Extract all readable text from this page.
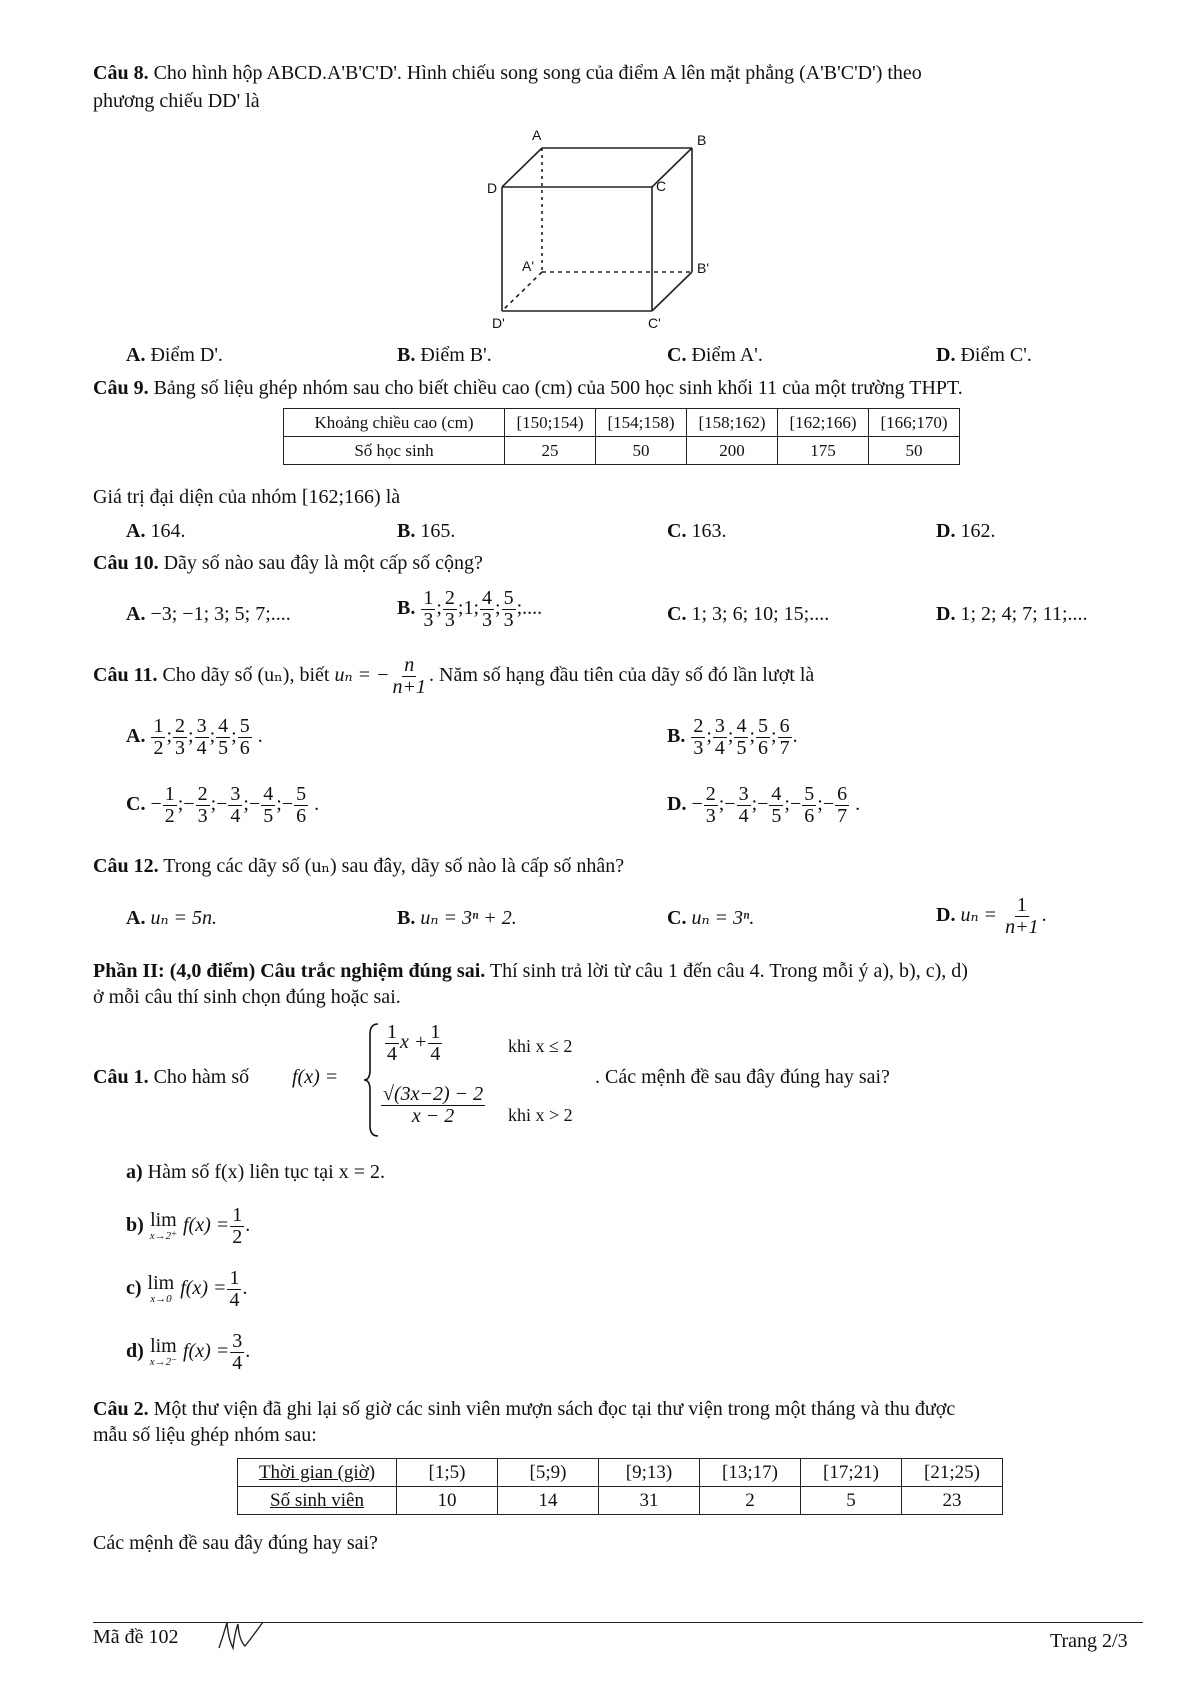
Câu 8. Cho hình hộp ABCD.A'B'C'D'. Hình chiếu song song của điểm A lên mặt phẳng (A'B'C'D') theo
phương chiếu DD' là
A	B
C
D
A'	B'
C'
D'
A. Điểm D'.	B. Điểm B'.	C. Điểm A'.	D. Điểm C'.
Câu 9. Bảng số liệu ghép nhóm sau cho biết chiều cao (cm) của 500 học sinh khối 11 của một trường THPT.
Khoảng chiều cao (cm)	[150;154)	[154;158)	[158;162)	[162;166)	[166;170)
Số học sinh	25	50	200	175	50
Giá trị đại diện của nhóm [162;166) là
A. 164.	B. 165.	C. 163.	D. 162.
Câu 10. Dãy số nào sau đây là một cấp số cộng?
A. −3; −1; 3; 5; 7;....	B. $\frac{1}{3}$ ; $\frac{2}{3}$ ;1; $\frac{4}{3}$ ; $\frac{5}{3}$ ;....	C. 1; 3; 6; 10; 15;....	D. 1; 2; 4; 7; 11;....
Câu 11. Cho dãy số (uₙ), biết uₙ = − $\frac{n}{n+1}$ . Năm số hạng đầu tiên của dãy số đó lần lượt là
A. $\frac{1}{2}$ ; $\frac{2}{3}$ ; $\frac{3}{4}$ ; $\frac{4}{5}$ ; $\frac{5}{6}$ .	B. $\frac{2}{3}$ ; $\frac{3}{4}$ ; $\frac{4}{5}$ ; $\frac{5}{6}$ ; $\frac{6}{7}$ .
C. − $\frac{1}{2}$ ;− $\frac{2}{3}$ ;− $\frac{3}{4}$ ;− $\frac{4}{5}$ ;− $\frac{5}{6}$ .	D. − $\frac{2}{3}$ ;− $\frac{3}{4}$ ;− $\frac{4}{5}$ ;− $\frac{5}{6}$ ;− $\frac{6}{7}$ .
Câu 12. Trong các dãy số (uₙ) sau đây, dãy số nào là cấp số nhân?
A. uₙ = 5n.	B. uₙ = 3ⁿ + 2.	C. uₙ = 3ⁿ.	D. $u_n = \frac{1}{n+1}$ .
Phần II: (4,0 điểm) Câu trắc nghiệm đúng sai. Thí sinh trả lời từ câu 1 đến câu 4. Trong mỗi ý a), b), c), d)
ở mỗi câu thí sinh chọn đúng hoặc sai.
Câu 1. Cho hàm số f(x) =
$\frac{1}{4}$ $x + \frac{1}{4}$	khi x ≤ 2
$\frac{√(3x-2) - 2}{x - 2}$ khi x > 2
. Các mệnh đề sau đây đúng hay sai?
a) Hàm số f(x) liên tục tại x = 2.
b) lim
x→2⁺
$f(x) = \frac{1}{2}$ .
c) lim
x→0
$f(x) = \frac{1}{4}$ .
d) lim
x→2⁻
$f(x) = \frac{3}{4}$ .
Câu 2. Một thư viện đã ghi lại số giờ các sinh viên mượn sách đọc tại thư viện trong một tháng và thu được
mẫu số liệu ghép nhóm sau:
Thời gian (giờ)	[1;5)	[5;9)	[9;13)	[13;17)	[17;21)	[21;25)
Số sinh viên	10	14	31	2	5	23
Các mệnh đề sau đây đúng hay sai?
Mã đề 102	Trang 2/3
